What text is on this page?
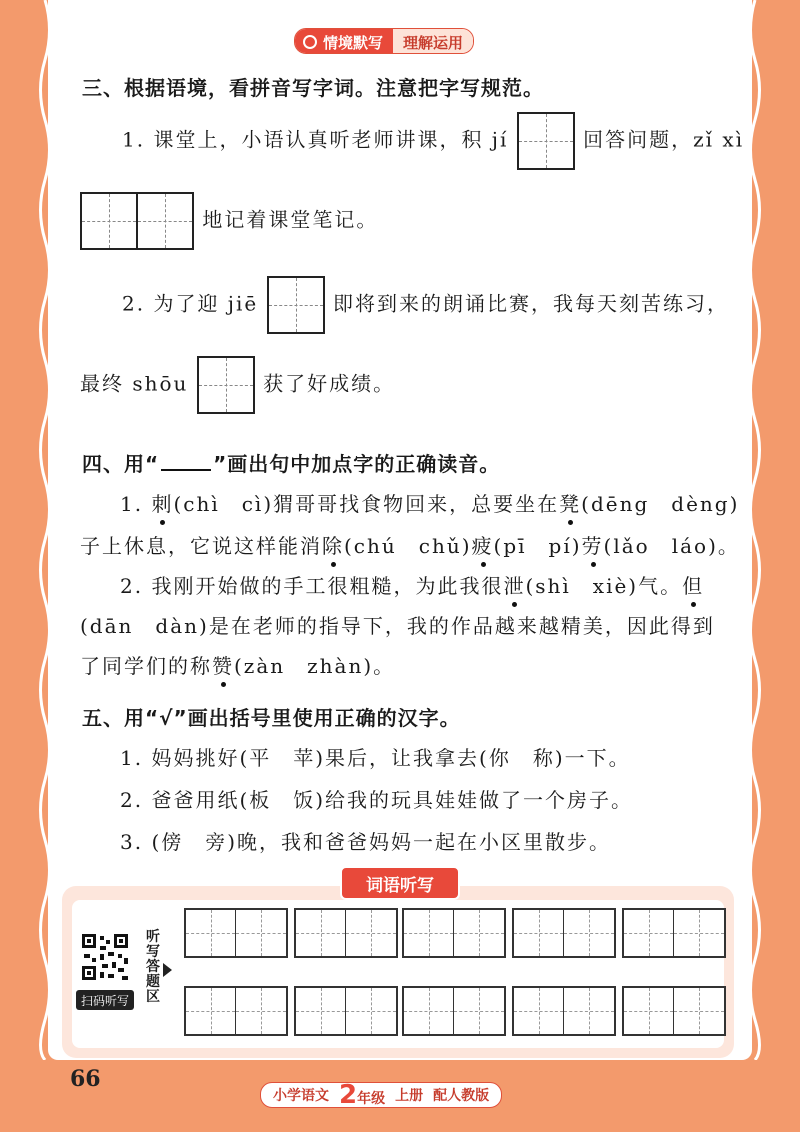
情境默写 理解运用
三、根据语境，看拼音写字词。注意把字写规范。
1. 课堂上，小语认真听老师讲课，积 jí	回答问题，zǐ xì
地记着课堂笔记。
2. 为了迎 jiē	即将到来的朗诵比赛，我每天刻苦练习，
最终 shōu	获了好成绩。
四、用“	”画出句中加点字的正确读音。
1. 刺(chì　cì)猬哥哥找食物回来，总要坐在凳(dēng　dèng)
子上休息，它说这样能消除(chú　chǔ)疲(pī　pí)劳(lǎo　láo)。
2. 我刚开始做的手工很粗糙，为此我很泄(shì　xiè)气。但
(dān　dàn)是在老师的指导下，我的作品越来越精美，因此得到
了同学们的称赞(zàn　zhàn)。
五、用“√”画出括号里使用正确的汉字。
1. 妈妈挑好(平　苹)果后，让我拿去(你　称)一下。
2. 爸爸用纸(板　饭)给我的玩具娃娃做了一个房子。
3. (傍　旁)晚，我和爸爸妈妈一起在小区里散步。
词语听写
扫码听写
听写答题区
66
小学语文 2年级 上册 配人教版
